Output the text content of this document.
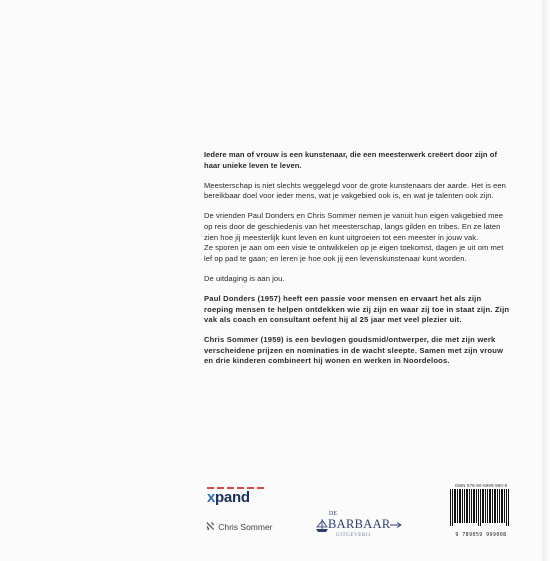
Iedere man of vrouw is een kunstenaar, die een meesterwerk creëert door zijn of haar unieke leven te leven.

Meesterschap is niet slechts weggelegd voor de grote kunstenaars der aarde. Het is een bereikbaar doel voor ieder mens, wat je vakgebied ook is, en wat je talenten ook zijn.

De vrienden Paul Donders en Chris Sommer nemen je vanuit hun eigen vakgebied mee op reis door de geschiedenis van het meesterschap, langs gilden en tribes. En ze laten zien hoe jij meesterlijk kunt leven en kunt uitgroeien tot een meester in jouw vak.

Ze sporen je aan om een visie te ontwikkelen op je eigen toekomst, dagen je uit om met lef op pad te gaan; en leren je hoe ook jij een levenskunstenaar kunt worden.

De uitdaging is aan jou.

Paul Donders (1957) heeft een passie voor mensen en ervaart het als zijn roeping mensen te helpen ontdekken wie zij zijn en waar zij toe in staat zijn. Zijn vak als coach en consultant oefent hij al 25 jaar met veel plezier uit.

Chris Sommer (1959) is een bevlogen goudsmid/ontwerper, die met zijn werk verscheidene prijzen en nominaties in de wacht sleepte. Samen met zijn vrouw en drie kinderen combineert hij wonen en werken in Noordeloos.

xpand
ℵ Chris Sommer
DE
BARBAAR
UITGEVERIJ
ISBN 978-90-5999-990-8
9 789059 999008
